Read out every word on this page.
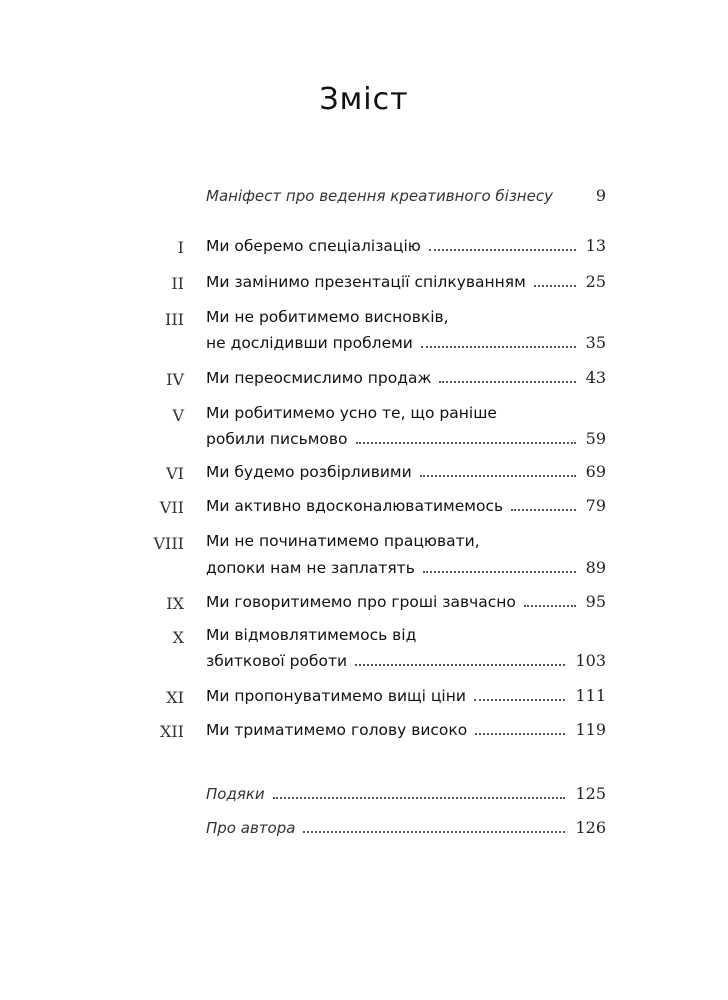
Зміст
Маніфест про ведення креативного бізнесу	9
I Ми оберемо спеціалізацію	13
II Ми замінимо презентації спілкуванням	25
III Ми не робитимемо висновків,
не дослідивши проблеми	35
IV Ми переосмислимо продаж	43
V Ми робитимемо усно те, що раніше
робили письмово	59
VI Ми будемо розбірливими	69
VII Ми активно вдосконалюватимемось	79
VIII Ми не починатимемо працювати,
допоки нам не заплатять	89
IX Ми говоритимемо про гроші завчасно	95
X Ми відмовлятимемось від
збиткової роботи	103
XI Ми пропонуватимемо вищі ціни	111
XII Ми триматимемо голову високо	119
Подяки	125
Про автора	126
